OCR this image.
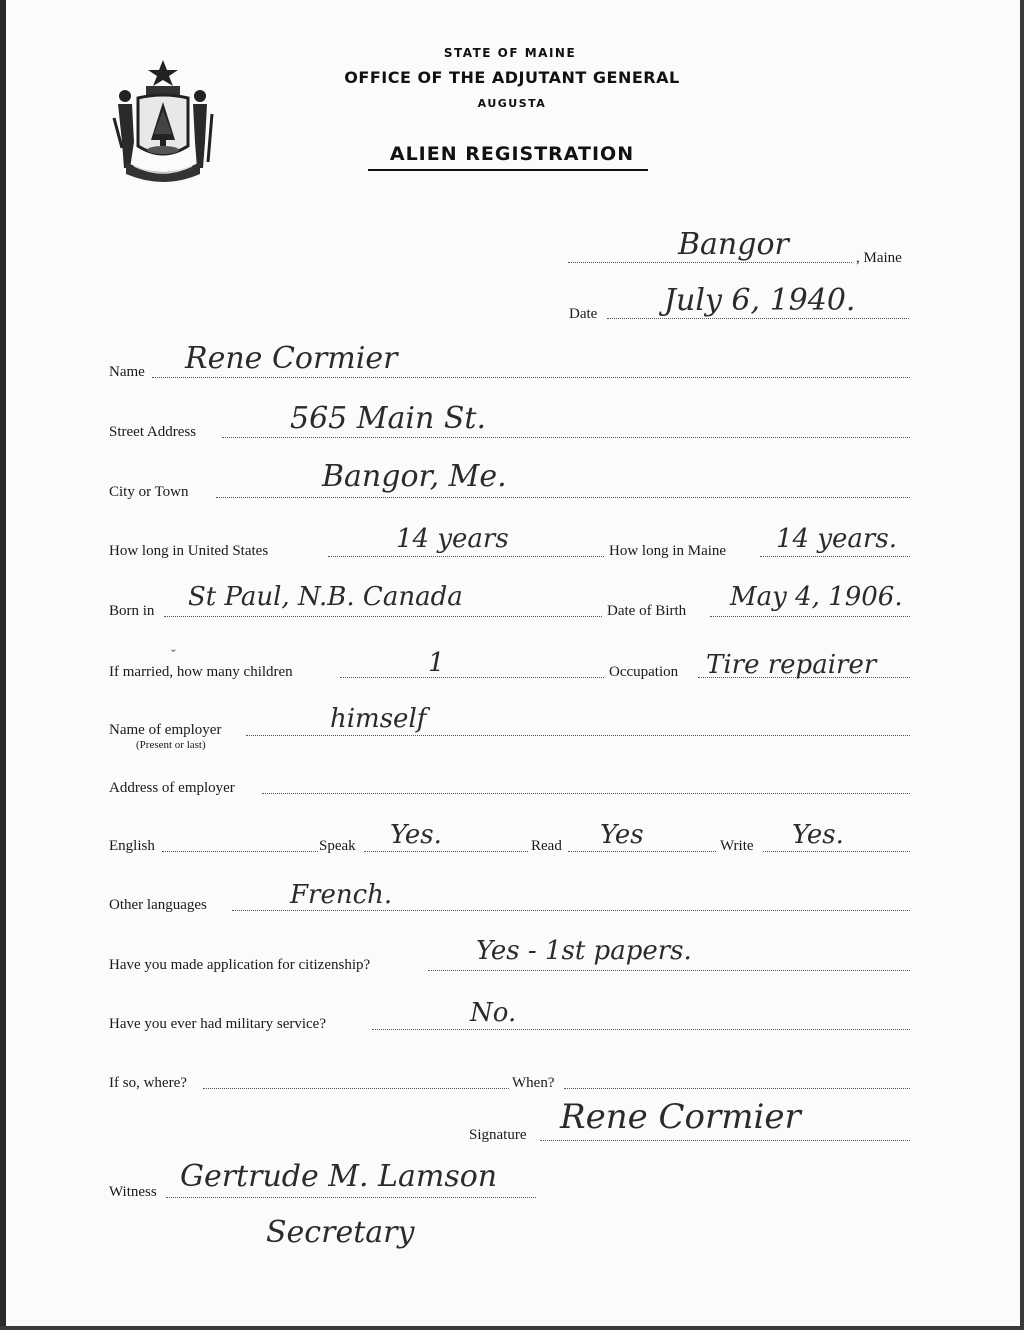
STATE OF MAINE
OFFICE OF THE ADJUTANT GENERAL
AUGUSTA
ALIEN REGISTRATION
Bangor	, Maine
Date July 6, 1940.
Name Rene Cormier
Street Address	565 Main St.
City or Town	Bangor, Me.
How long in United States	14 years	How long in Maine 14 years.
Born in St Paul, N.B. Canada	Date of Birth May 4, 1906.
ˇ
If married, how many children	1	Occupation Tire repairer
Name of employer
(Present or last)
himself
Address of employer
English	Speak Yes.	Read Yes	Write Yes.
Other languages	French.
Have you made application for citizenship?	Yes - 1st papers.
Have you ever had military service?	No.
If so, where?	When?
Signature Rene Cormier
Witness Gertrude M. Lamson
Secretary
